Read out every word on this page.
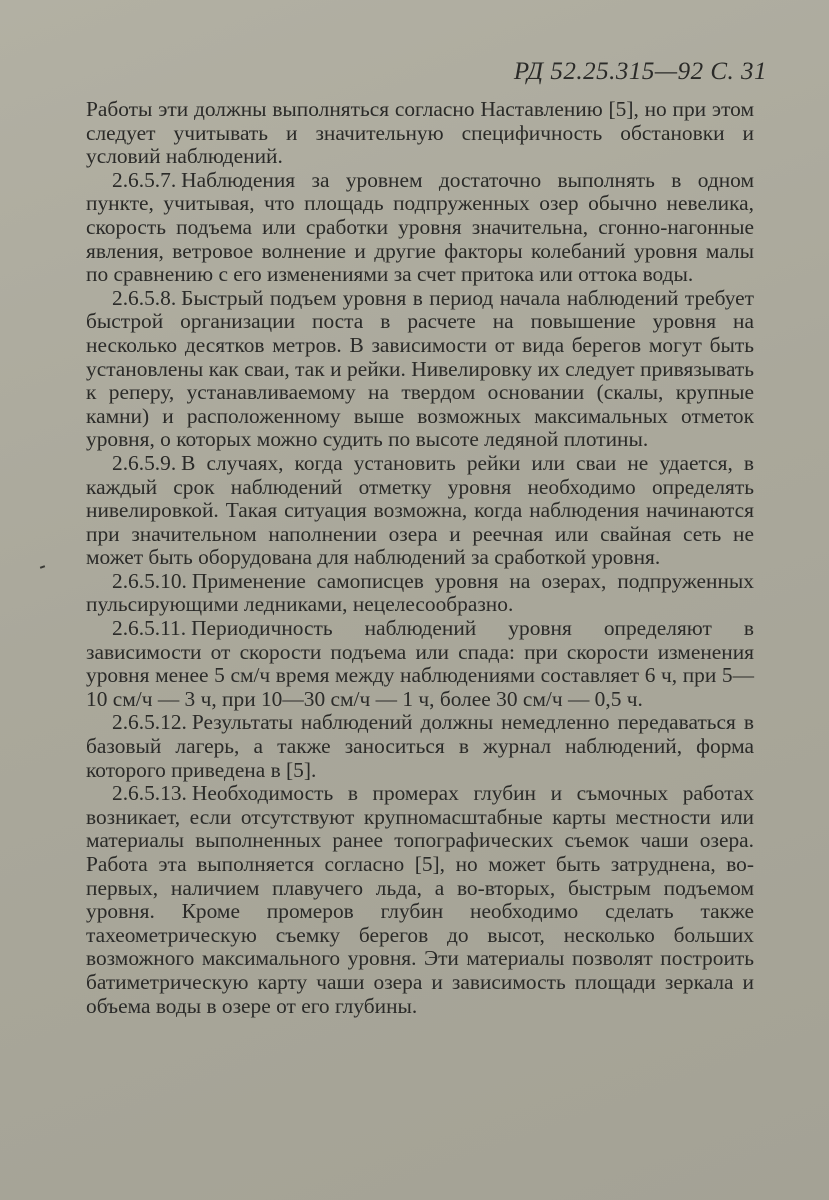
РД 52.25.315—92 С. 31

Работы эти должны выполняться согласно Наставлению [5], но при этом следует учитывать и значительную специфичность обстановки и условий наблюдений.

2.6.5.7. Наблюдения за уровнем достаточно выполнять в одном пункте, учитывая, что площадь подпруженных озер обычно невелика, скорость подъема или сработки уровня значительна, сгонно-нагонные явления, ветровое волнение и другие факторы колебаний уровня малы по сравнению с его изменениями за счет притока или оттока воды.

2.6.5.8. Быстрый подъем уровня в период начала наблюдений требует быстрой организации поста в расчете на повышение уровня на несколько десятков метров. В зависимости от вида берегов могут быть установлены как сваи, так и рейки. Нивелировку их следует привязывать к реперу, устанавливаемому на твердом основании (скалы, крупные камни) и расположенному выше возможных максимальных отметок уровня, о которых можно судить по высоте ледяной плотины.

2.6.5.9. В случаях, когда установить рейки или сваи не удается, в каждый срок наблюдений отметку уровня необходимо определять нивелировкой. Такая ситуация возможна, когда наблюдения начинаются при значительном наполнении озера и реечная или свайная сеть не может быть оборудована для наблюдений за сработкой уровня.

2.6.5.10. Применение самописцев уровня на озерах, подпруженных пульсирующими ледниками, нецелесообразно.

2.6.5.11. Периодичность наблюдений уровня определяют в зависимости от скорости подъема или спада: при скорости изменения уровня менее 5 см/ч время между наблюдениями составляет 6 ч, при 5—10 см/ч — 3 ч, при 10—30 см/ч — 1 ч, более 30 см/ч — 0,5 ч.

2.6.5.12. Результаты наблюдений должны немедленно передаваться в базовый лагерь, а также заноситься в журнал наблюдений, форма которого приведена в [5].

2.6.5.13. Необходимость в промерах глубин и съмочных работах возникает, если отсутствуют крупномасштабные карты местности или материалы выполненных ранее топографических съемок чаши озера. Работа эта выполняется согласно [5], но может быть затруднена, во-первых, наличием плавучего льда, а во-вторых, быстрым подъемом уровня. Кроме промеров глубин необходимо сделать также тахеометрическую съемку берегов до высот, несколько больших возможного максимального уровня. Эти материалы позволят построить батиметрическую карту чаши озера и зависимость площади зеркала и объема воды в озере от его глубины.
